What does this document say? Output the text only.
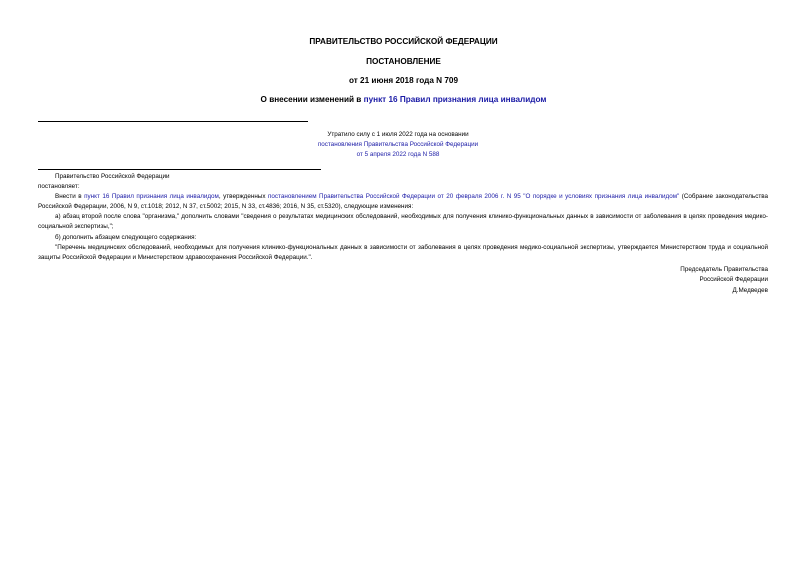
ПРАВИТЕЛЬСТВО РОССИЙСКОЙ ФЕДЕРАЦИИ
ПОСТАНОВЛЕНИЕ
от 21 июня 2018 года N 709
О внесении изменений в пункт 16 Правил признания лица инвалидом
Утратило силу с 1 июля 2022 года на основании
постановления Правительства Российской Федерации
от 5 апреля 2022 года N 588
Правительство Российской Федерации
постановляет:
Внести в пункт 16 Правил признания лица инвалидом, утвержденных постановлением Правительства Российской Федерации от 20 февраля 2006 г. N 95 "О порядке и условиях признания лица инвалидом" (Собрание законодательства Российской Федерации, 2006, N 9, ст.1018; 2012, N 37, ст.5002; 2015, N 33, ст.4836; 2016, N 35, ст.5320), следующие изменения:
а) абзац второй после слова "организма," дополнить словами "сведения о результатах медицинских обследований, необходимых для получения клинико-функциональных данных в зависимости от заболевания в целях проведения медико-социальной экспертизы,";
б) дополнить абзацем следующего содержания:
"Перечень медицинских обследований, необходимых для получения клинико-функциональных данных в зависимости от заболевания в целях проведения медико-социальной экспертизы, утверждается Министерством труда и социальной защиты Российской Федерации и Министерством здравоохранения Российской Федерации.".
Председатель Правительства
Российской Федерации
Д.Медведев
